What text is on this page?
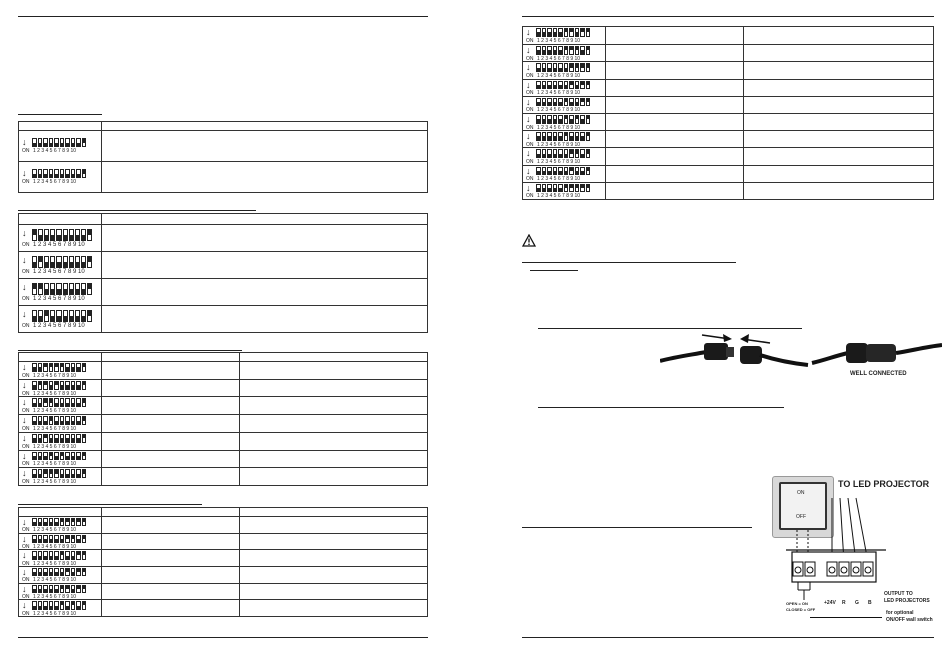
↓
ON 1 2 3 4 5 6 7 8 9 10
↓
ON 1 2 3 4 5 6 7 8 9 10
↓
ON 1 2 3 4 5 6 7 8 9 10
↓
ON 1 2 3 4 5 6 7 8 9 10
↓
ON 1 2 3 4 5 6 7 8 9 10
↓
ON 1 2 3 4 5 6 7 8 9 10
↓
ON 1 2 3 4 5 6 7 8 9 10
↓
ON 1 2 3 4 5 6 7 8 9 10
↓
ON 1 2 3 4 5 6 7 8 9 10
↓
ON 1 2 3 4 5 6 7 8 9 10
↓
ON 1 2 3 4 5 6 7 8 9 10
↓
ON 1 2 3 4 5 6 7 8 9 10
↓
ON 1 2 3 4 5 6 7 8 9 10
↓
ON 1 2 3 4 5 6 7 8 9 10
↓
ON 1 2 3 4 5 6 7 8 9 10
↓
ON 1 2 3 4 5 6 7 8 9 10
↓
ON 1 2 3 4 5 6 7 8 9 10
↓
ON 1 2 3 4 5 6 7 8 9 10
↓
ON 1 2 3 4 5 6 7 8 9 10
↓
ON 1 2 3 4 5 6 7 8 9 10
↓
ON 1 2 3 4 5 6 7 8 9 10
↓
ON 1 2 3 4 5 6 7 8 9 10
↓
ON 1 2 3 4 5 6 7 8 9 10
↓
ON 1 2 3 4 5 6 7 8 9 10
↓
ON 1 2 3 4 5 6 7 8 9 10
↓
ON 1 2 3 4 5 6 7 8 9 10
↓
ON 1 2 3 4 5 6 7 8 9 10
↓
ON 1 2 3 4 5 6 7 8 9 10
↓
ON 1 2 3 4 5 6 7 8 9 10
WELL CONNECTED
ON
OFF
TO LED PROJECTOR
+24V R G B
OUTPUT TO
LED PROJECTORS
OPEN = ON
CLOSED = OFF
for optional
ON/OFF wall switch
